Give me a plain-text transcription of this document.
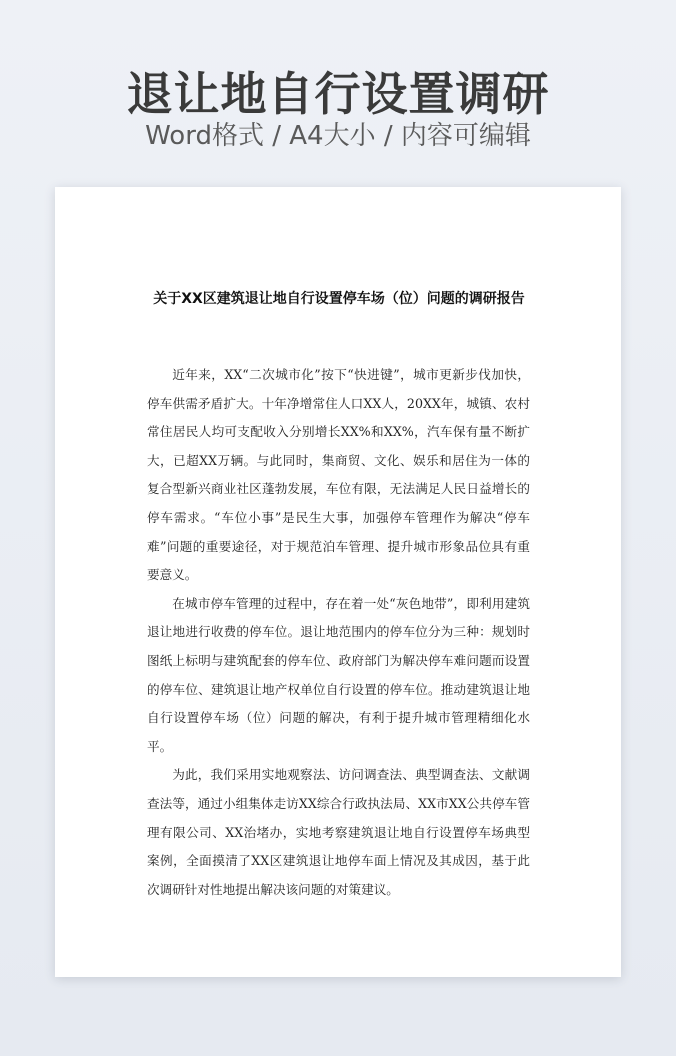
退让地自行设置调研
Word格式 / A4大小 / 内容可编辑
关于XX区建筑退让地自行设置停车场（位）问题的调研报告

近年来，XX“二次城市化”按下“快进键”，城市更新步伐加快，停车供需矛盾扩大。十年净增常住人口XX人，20XX年，城镇、农村常住居民人均可支配收入分别增长XX%和XX%，汽车保有量不断扩大，已超XX万辆。与此同时，集商贸、文化、娱乐和居住为一体的复合型新兴商业社区蓬勃发展，车位有限，无法满足人民日益增长的停车需求。“车位小事”是民生大事，加强停车管理作为解决“停车难”问题的重要途径，对于规范泊车管理、提升城市形象品位具有重要意义。

在城市停车管理的过程中，存在着一处“灰色地带”，即利用建筑退让地进行收费的停车位。退让地范围内的停车位分为三种：规划时图纸上标明与建筑配套的停车位、政府部门为解决停车难问题而设置的停车位、建筑退让地产权单位自行设置的停车位。推动建筑退让地自行设置停车场（位）问题的解决，有利于提升城市管理精细化水平。

为此，我们采用实地观察法、访问调查法、典型调查法、文献调查法等，通过小组集体走访XX综合行政执法局、XX市XX公共停车管理有限公司、XX治堵办，实地考察建筑退让地自行设置停车场典型案例，全面摸清了XX区建筑退让地停车面上情况及其成因，基于此次调研针对性地提出解决该问题的对策建议。
